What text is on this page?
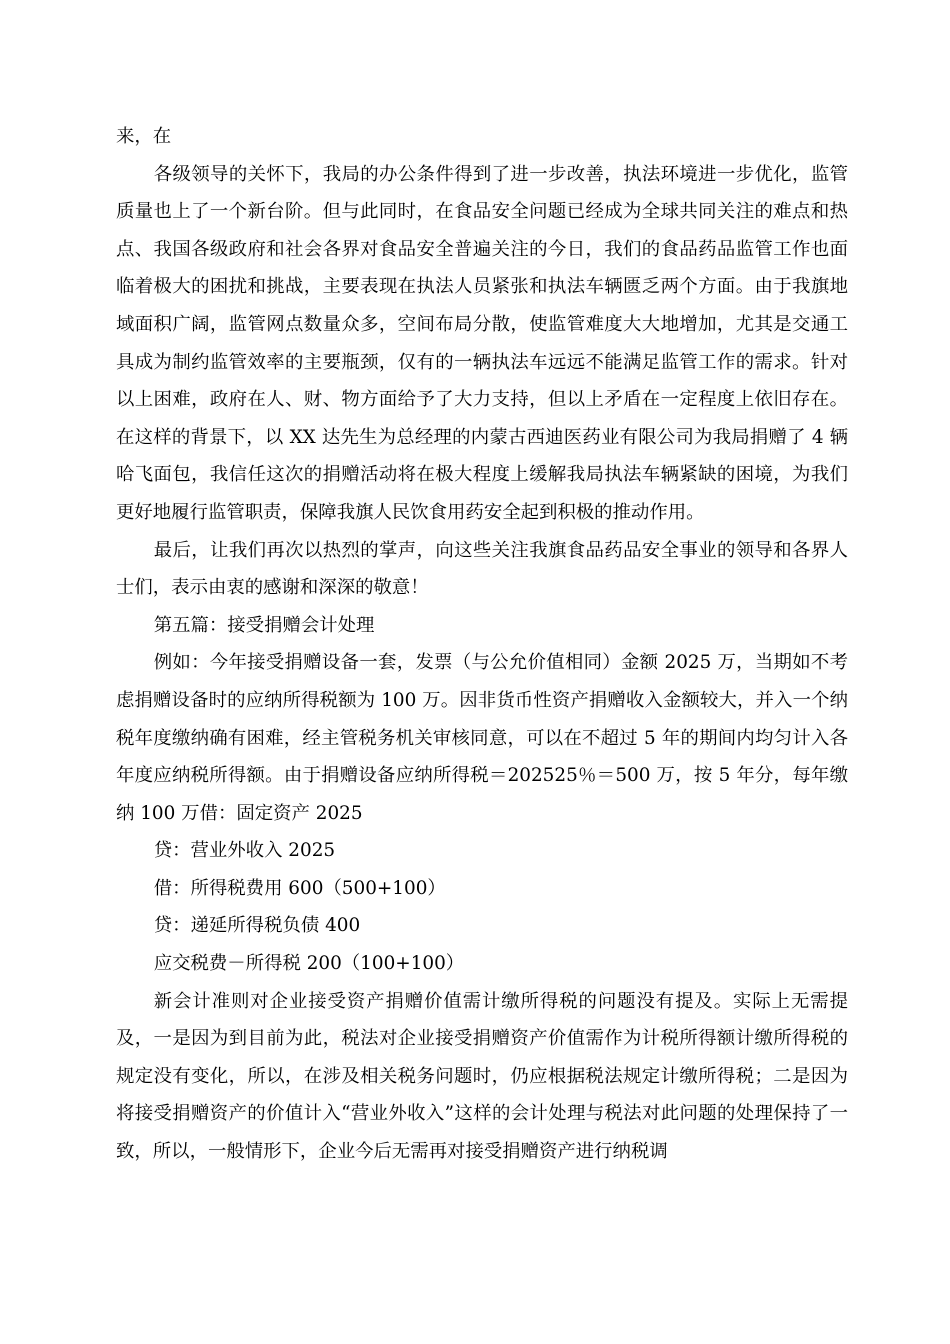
来，在

各级领导的关怀下，我局的办公条件得到了进一步改善，执法环境进一步优化，监管质量也上了一个新台阶。但与此同时，在食品安全问题已经成为全球共同关注的难点和热点、我国各级政府和社会各界对食品安全普遍关注的今日，我们的食品药品监管工作也面临着极大的困扰和挑战，主要表现在执法人员紧张和执法车辆匮乏两个方面。由于我旗地域面积广阔，监管网点数量众多，空间布局分散，使监管难度大大地增加，尤其是交通工具成为制约监管效率的主要瓶颈，仅有的一辆执法车远远不能满足监管工作的需求。针对以上困难，政府在人、财、物方面给予了大力支持，但以上矛盾在一定程度上依旧存在。在这样的背景下，以 XX 达先生为总经理的内蒙古西迪医药业有限公司为我局捐赠了 4 辆哈飞面包，我信任这次的捐赠活动将在极大程度上缓解我局执法车辆紧缺的困境，为我们更好地履行监管职责，保障我旗人民饮食用药安全起到积极的推动作用。

最后，让我们再次以热烈的掌声，向这些关注我旗食品药品安全事业的领导和各界人士们，表示由衷的感谢和深深的敬意！

第五篇：接受捐赠会计处理

例如：今年接受捐赠设备一套，发票（与公允价值相同）金额 2025 万，当期如不考虑捐赠设备时的应纳所得税额为 100 万。因非货币性资产捐赠收入金额较大，并入一个纳税年度缴纳确有困难，经主管税务机关审核同意，可以在不超过 5 年的期间内均匀计入各年度应纳税所得额。由于捐赠设备应纳所得税＝202525％＝500 万，按 5 年分，每年缴纳 100 万借：固定资产 2025

贷：营业外收入 2025

借：所得税费用 600（500+100）

贷：递延所得税负债 400

应交税费－所得税 200（100+100）

新会计准则对企业接受资产捐赠价值需计缴所得税的问题没有提及。实际上无需提及，一是因为到目前为此，税法对企业接受捐赠资产价值需作为计税所得额计缴所得税的规定没有变化，所以，在涉及相关税务问题时，仍应根据税法规定计缴所得税；二是因为将接受捐赠资产的价值计入“营业外收入”这样的会计处理与税法对此问题的处理保持了一致，所以，一般情形下，企业今后无需再对接受捐赠资产进行纳税调
